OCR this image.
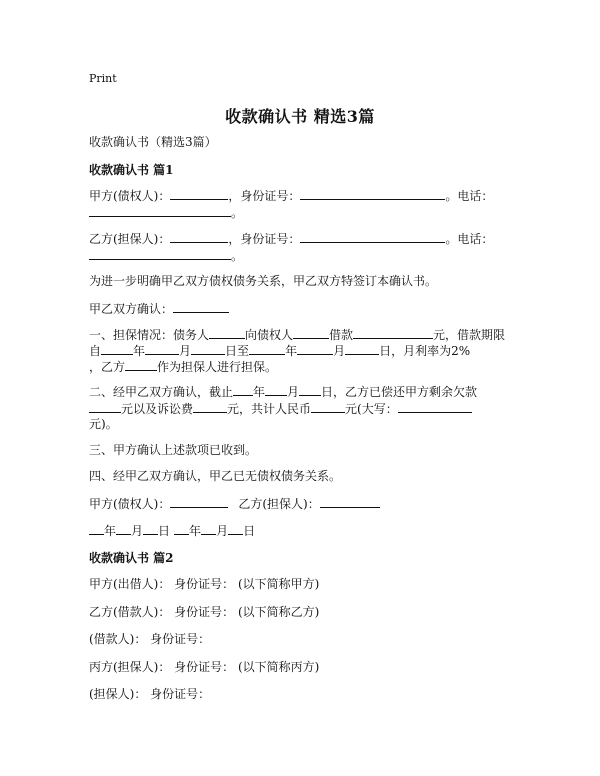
Print
收款确认书 精选3篇
收款确认书（精选3篇）
收款确认书 篇1
甲方(债权人)：	，身份证号：	。电话：
。
乙方(担保人)：	，身份证号：	。电话：
。
为进一步明确甲乙双方债权债务关系，甲乙双方特签订本确认书。
甲乙双方确认：
一、担保情况：债务人	向债权人	借款	元，借款期限
自	年	月	日至	年	月	日，月利率为2%
，乙方	作为担保人进行担保。
二、经甲乙双方确认，截止 年 月 日，乙方已偿还甲方剩余欠款
元以及诉讼费	元，共计人民币	元(大写：
元)。
三、甲方确认上述款项已收到。
四、经甲乙双方确认，甲乙已无债权债务关系。
甲方(债权人)：	乙方(担保人)：
年 月 日 年 月 日
收款确认书 篇2
甲方(出借人)： 身份证号： (以下简称甲方)
乙方(借款人)： 身份证号： (以下简称乙方)
(借款人)： 身份证号：
丙方(担保人)： 身份证号： (以下简称丙方)
(担保人)： 身份证号：
